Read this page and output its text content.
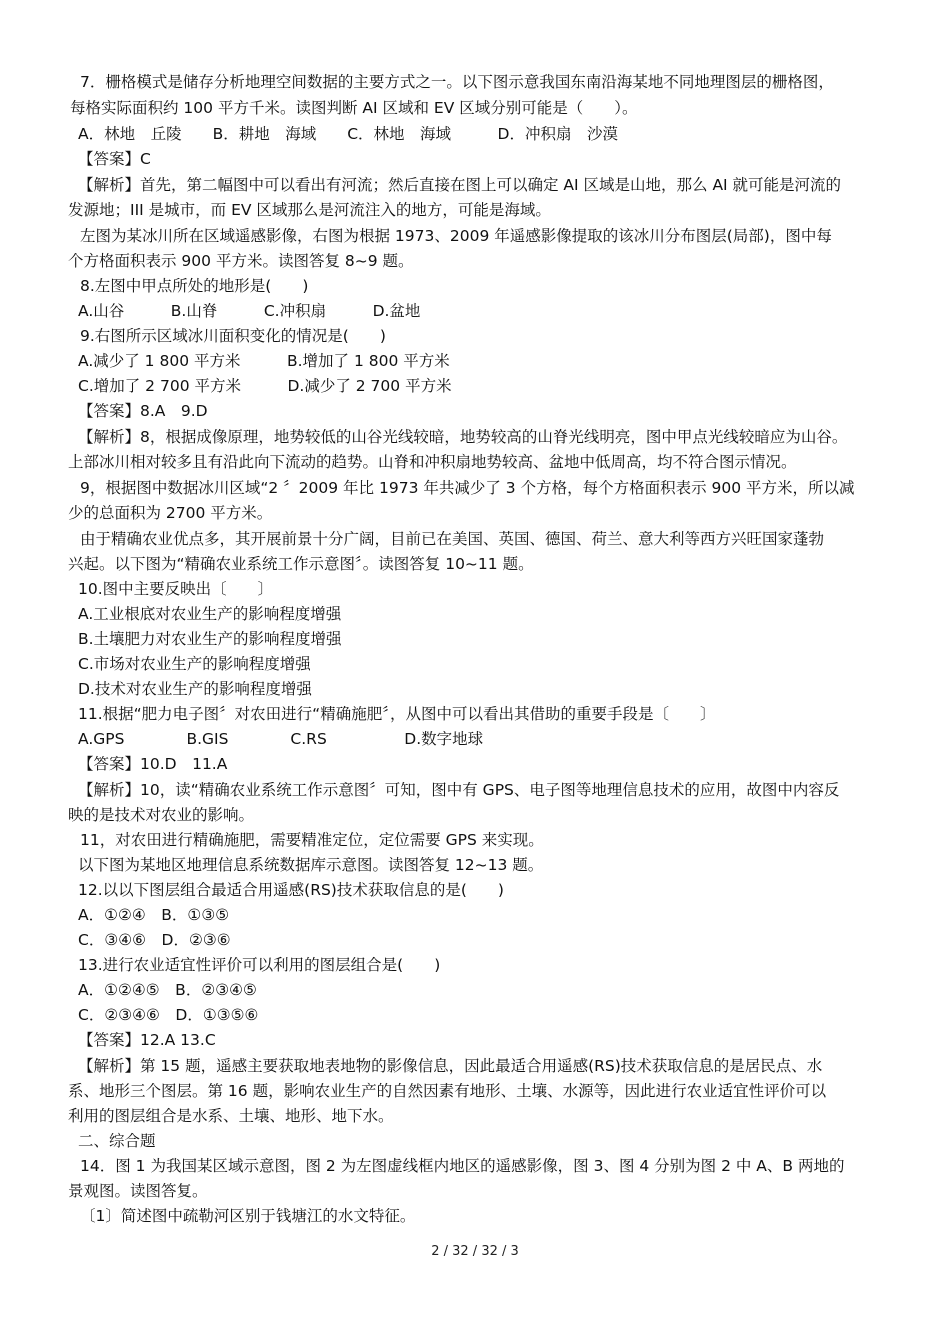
7．栅格模式是储存分析地理空间数据的主要方式之一。以下图示意我国东南沿海某地不同地理图层的栅格图，
每格实际面积约 100 平方千米。读图判断 AI 区域和 EV 区域分别可能是（　　）。
A．林地　丘陵　　B．耕地　海域　　C．林地　海域　　　D．冲积扇　沙漠
【答案】C
【解析】首先，第二幅图中可以看出有河流；然后直接在图上可以确定 AI 区域是山地，那么 AI 就可能是河流的
发源地；III 是城市，而 EV 区域那么是河流注入的地方，可能是海域。
左图为某冰川所在区域遥感影像，右图为根据 1973、2009 年遥感影像提取的该冰川分布图层(局部)，图中每
个方格面积表示 900 平方米。读图答复 8~9 题。
8.左图中甲点所处的地形是(　　)
A.山谷　　　B.山脊　　　C.冲积扇　　　D.盆地
9.右图所示区域冰川面积变化的情况是(　　)
A.减少了 1 800 平方米　　　B.增加了 1 800 平方米
C.增加了 2 700 平方米　　　D.减少了 2 700 平方米
【答案】8.A　9.D
【解析】8，根据成像原理，地势较低的山谷光线较暗，地势较高的山脊光线明亮，图中甲点光线较暗应为山谷。
上部冰川相对较多且有沿此向下流动的趋势。山脊和冲积扇地势较高、盆地中低周高，均不符合图示情况。
9，根据图中数据冰川区域“2 〞2009 年比 1973 年共减少了 3 个方格，每个方格面积表示 900 平方米，所以减
少的总面积为 2700 平方米。
由于精确农业优点多，其开展前景十分广阔，目前已在美国、英国、德国、荷兰、意大利等西方兴旺国家蓬勃
兴起。以下图为“精确农业系统工作示意图〞。读图答复 10~11 题。
10.图中主要反映出〔　　〕
A.工业根底对农业生产的影响程度增强
B.土壤肥力对农业生产的影响程度增强
C.市场对农业生产的影响程度增强
D.技术对农业生产的影响程度增强
11.根据“肥力电子图〞对农田进行“精确施肥〞，从图中可以看出其借助的重要手段是〔　　〕
A.GPS　　　　B.GIS　　　　C.RS　　　　　D.数字地球
【答案】10.D　11.A
【解析】10，读“精确农业系统工作示意图〞可知，图中有 GPS、电子图等地理信息技术的应用，故图中内容反
映的是技术对农业的影响。
11，对农田进行精确施肥，需要精准定位，定位需要 GPS 来实现。
以下图为某地区地理信息系统数据库示意图。读图答复 12~13 题。
12.以以下图层组合最适合用遥感(RS)技术获取信息的是(　　)
A．①②④　B．①③⑤
C．③④⑥　D．②③⑥
13.进行农业适宜性评价可以利用的图层组合是(　　)
A．①②④⑤　B．②③④⑤
C．②③④⑥　D．①③⑤⑥
【答案】12.A 13.C
【解析】第 15 题，遥感主要获取地表地物的影像信息，因此最适合用遥感(RS)技术获取信息的是居民点、水
系、地形三个图层。第 16 题，影响农业生产的自然因素有地形、土壤、水源等，因此进行农业适宜性评价可以
利用的图层组合是水系、土壤、地形、地下水。
二、综合题
14．图 1 为我国某区域示意图，图 2 为左图虚线框内地区的遥感影像，图 3、图 4 分别为图 2 中 A、B 两地的
景观图。读图答复。
〔1〕简述图中疏勒河区别于钱塘江的水文特征。
2 / 32 / 32 / 3
